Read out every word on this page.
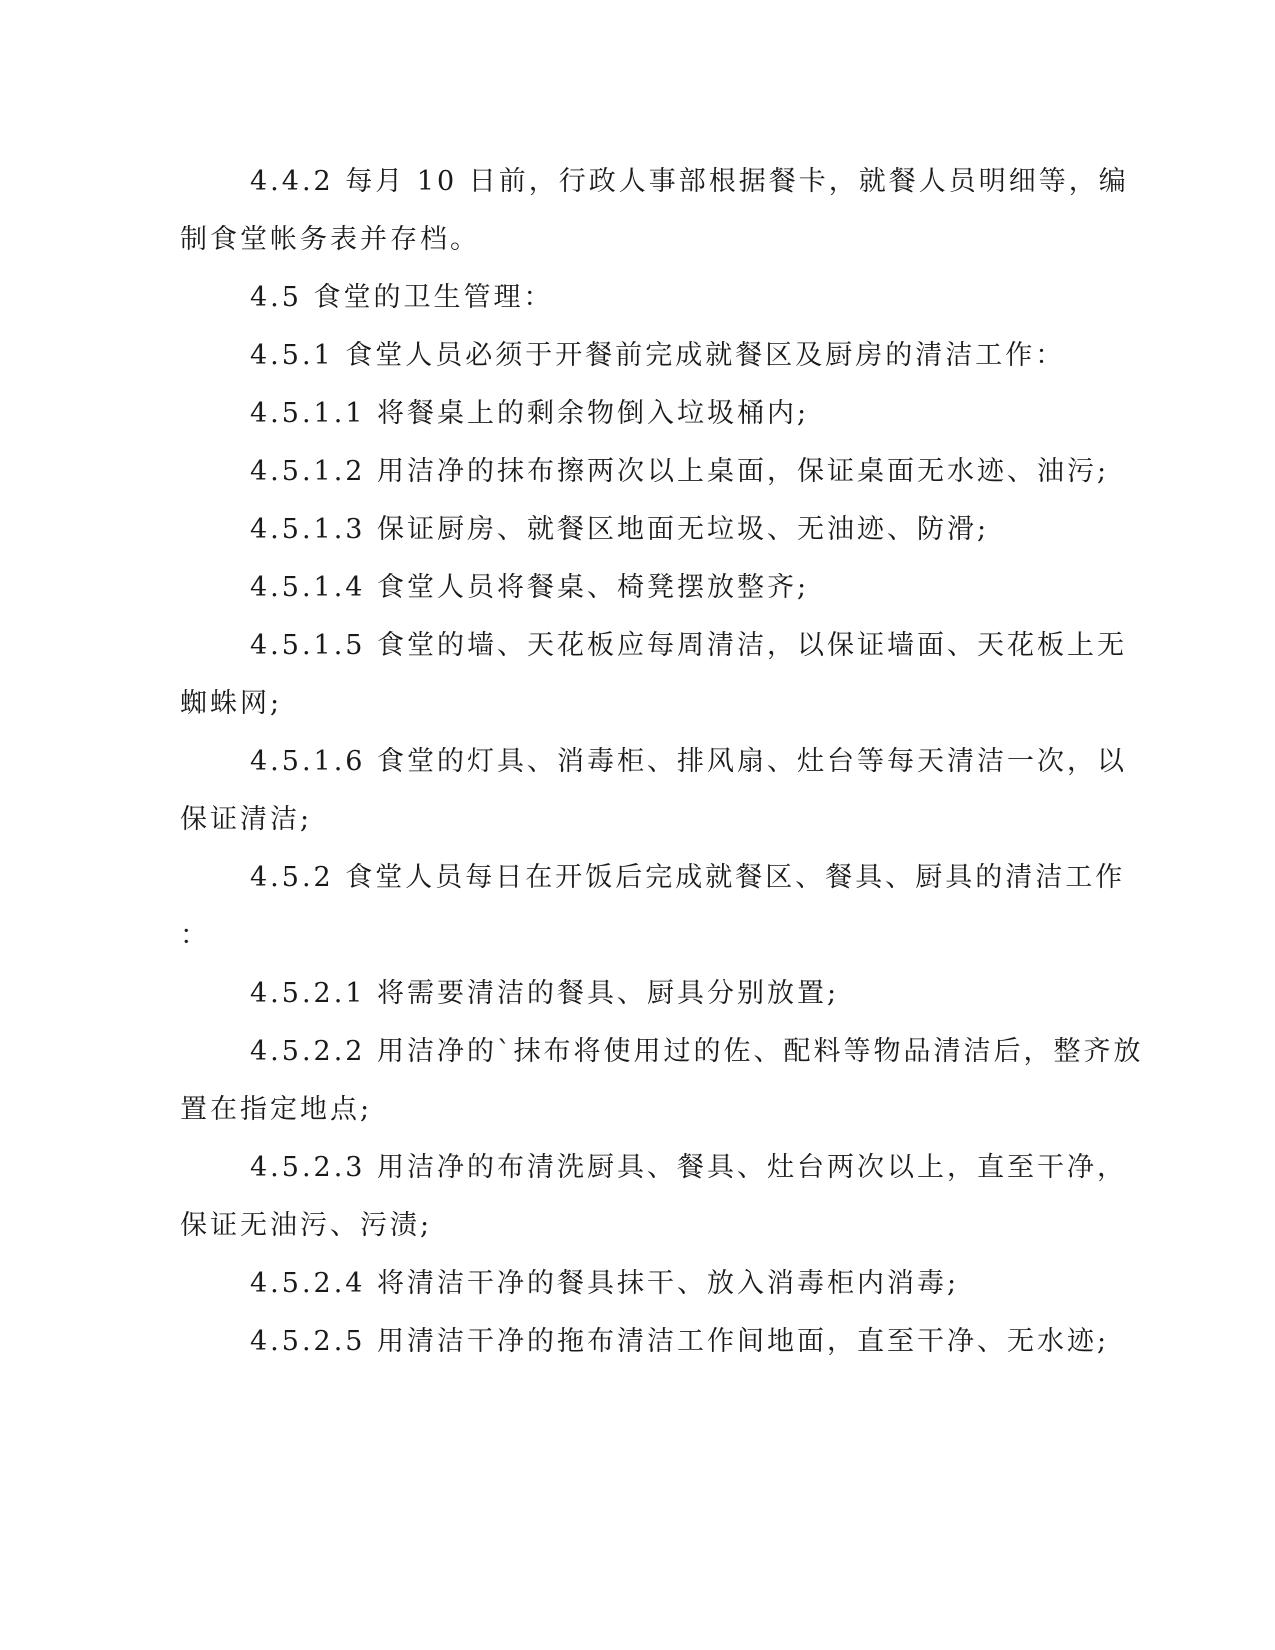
4.4.2 每月 10 日前，行政人事部根据餐卡，就餐人员明细等，编
制食堂帐务表并存档。
4.5 食堂的卫生管理：
4.5.1 食堂人员必须于开餐前完成就餐区及厨房的清洁工作：
4.5.1.1 将餐桌上的剩余物倒入垃圾桶内;
4.5.1.2 用洁净的抹布擦两次以上桌面，保证桌面无水迹、油污;
4.5.1.3 保证厨房、就餐区地面无垃圾、无油迹、防滑;
4.5.1.4 食堂人员将餐桌、椅凳摆放整齐;
4.5.1.5 食堂的墙、天花板应每周清洁，以保证墙面、天花板上无
蜘蛛网;
4.5.1.6 食堂的灯具、消毒柜、排风扇、灶台等每天清洁一次，以
保证清洁;
4.5.2 食堂人员每日在开饭后完成就餐区、餐具、厨具的清洁工作
：
4.5.2.1 将需要清洁的餐具、厨具分别放置;
4.5.2.2 用洁净的`抹布将使用过的佐、配料等物品清洁后，整齐放
置在指定地点;
4.5.2.3 用洁净的布清洗厨具、餐具、灶台两次以上，直至干净，
保证无油污、污渍;
4.5.2.4 将清洁干净的餐具抹干、放入消毒柜内消毒;
4.5.2.5 用清洁干净的拖布清洁工作间地面，直至干净、无水迹;
